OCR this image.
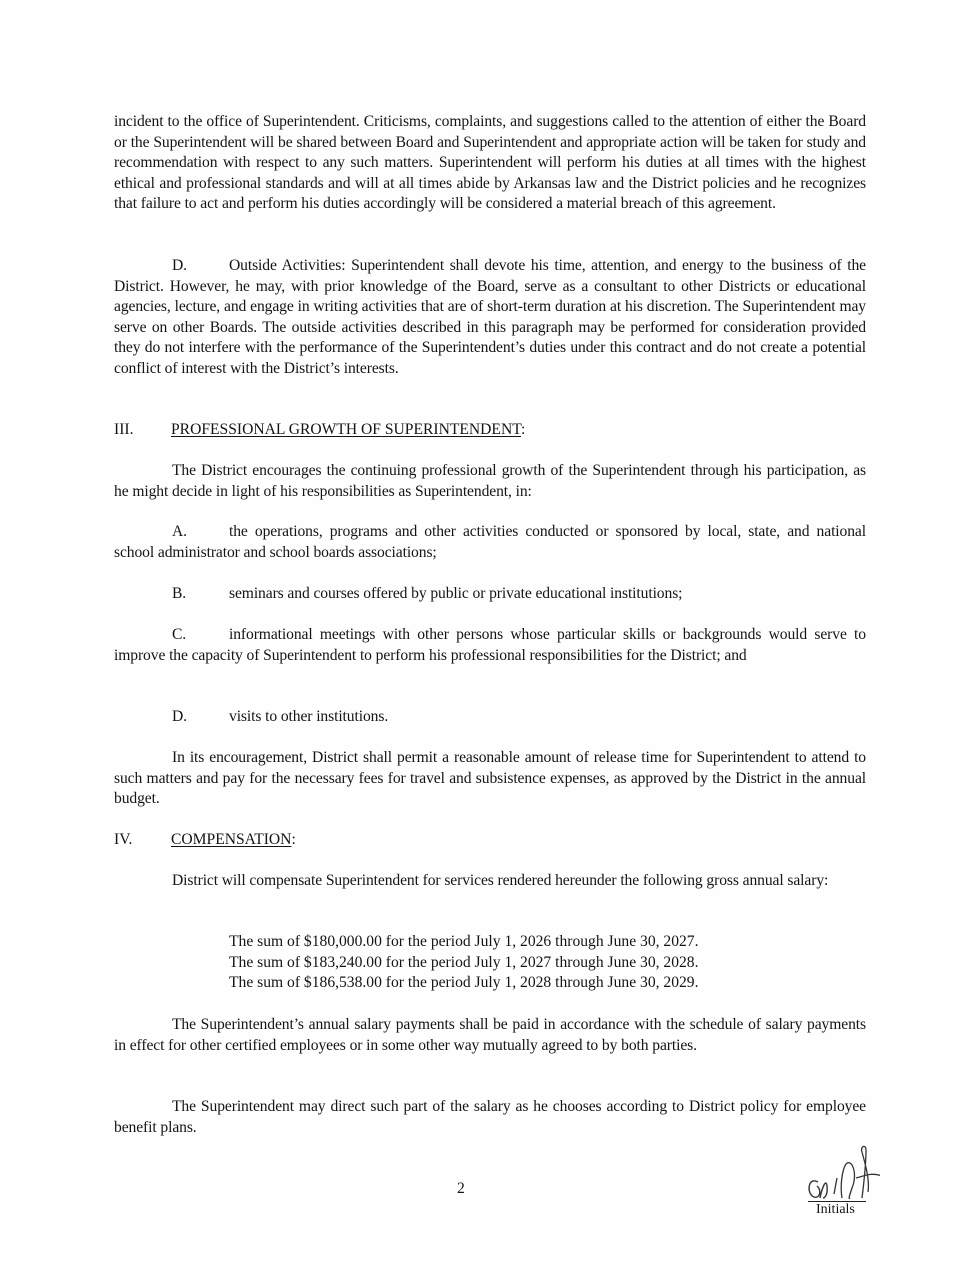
incident to the office of Superintendent. Criticisms, complaints, and suggestions called to the attention of either the Board or the Superintendent will be shared between Board and Superintendent and appropriate action will be taken for study and recommendation with respect to any such matters. Superintendent will perform his duties at all times with the highest ethical and professional standards and will at all times abide by Arkansas law and the District policies and he recognizes that failure to act and perform his duties accordingly will be considered a material breach of this agreement.

D.	Outside Activities: Superintendent shall devote his time, attention, and energy to the business of the District. However, he may, with prior knowledge of the Board, serve as a consultant to other Districts or educational agencies, lecture, and engage in writing activities that are of short-term duration at his discretion. The Superintendent may serve on other Boards. The outside activities described in this paragraph may be performed for consideration provided they do not interfere with the performance of the Superintendent’s duties under this contract and do not create a potential conflict of interest with the District’s interests.

III. PROFESSIONAL GROWTH OF SUPERINTENDENT:

The District encourages the continuing professional growth of the Superintendent through his participation, as he might decide in light of his responsibilities as Superintendent, in:

A.	the operations, programs and other activities conducted or sponsored by local, state, and national school administrator and school boards associations;

B.	seminars and courses offered by public or private educational institutions;

C.	informational meetings with other persons whose particular skills or backgrounds would serve to improve the capacity of Superintendent to perform his professional responsibilities for the District; and

D.	visits to other institutions.

In its encouragement, District shall permit a reasonable amount of release time for Superintendent to attend to such matters and pay for the necessary fees for travel and subsistence expenses, as approved by the District in the annual budget.

IV. COMPENSATION:

District will compensate Superintendent for services rendered hereunder the following gross annual salary:

The sum of $180,000.00 for the period July 1, 2026 through June 30, 2027.
The sum of $183,240.00 for the period July 1, 2027 through June 30, 2028.
The sum of $186,538.00 for the period July 1, 2028 through June 30, 2029.

The Superintendent’s annual salary payments shall be paid in accordance with the schedule of salary payments in effect for other certified employees or in some other way mutually agreed to by both parties.

The Superintendent may direct such part of the salary as he chooses according to District policy for employee benefit plans.

2
Initials
